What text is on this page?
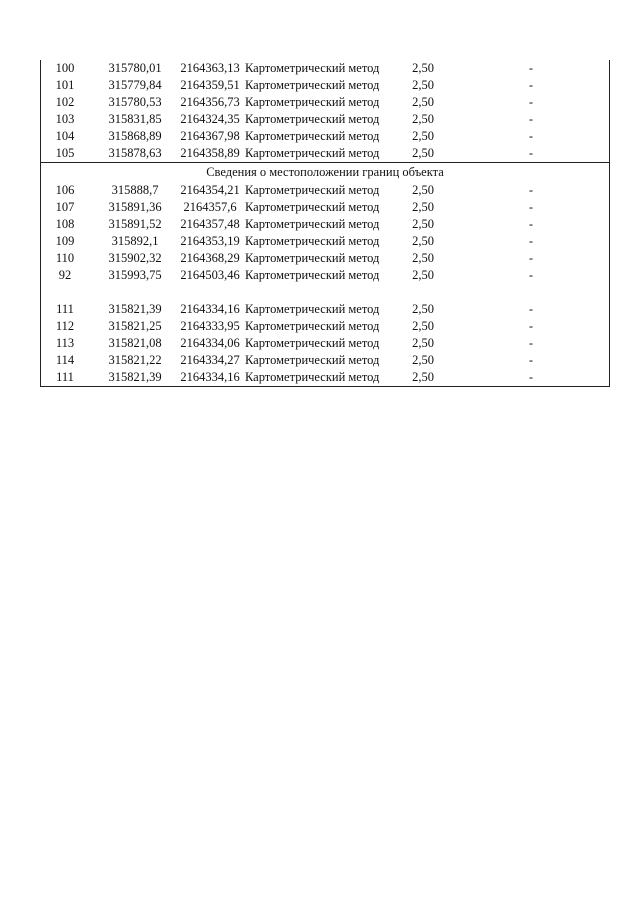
100	315780,01	2164363,13 Картометрический метод	2,50	-
101	315779,84	2164359,51 Картометрический метод	2,50	-
102	315780,53	2164356,73 Картометрический метод	2,50	-
103	315831,85	2164324,35 Картометрический метод	2,50	-
104	315868,89	2164367,98 Картометрический метод	2,50	-
105	315878,63	2164358,89 Картометрический метод	2,50	-
Сведения о местоположении границ объекта
106	315888,7	2164354,21 Картометрический метод	2,50	-
107	315891,36	2164357,6 Картометрический метод	2,50	-
108	315891,52	2164357,48 Картометрический метод	2,50	-
109	315892,1	2164353,19 Картометрический метод	2,50	-
110	315902,32	2164368,29 Картометрический метод	2,50	-
92	315993,75	2164503,46 Картометрический метод	2,50	-
111	315821,39	2164334,16 Картометрический метод	2,50	-
112	315821,25	2164333,95 Картометрический метод	2,50	-
113	315821,08	2164334,06 Картометрический метод	2,50	-
114	315821,22	2164334,27 Картометрический метод	2,50	-
111	315821,39	2164334,16 Картометрический метод	2,50	-
